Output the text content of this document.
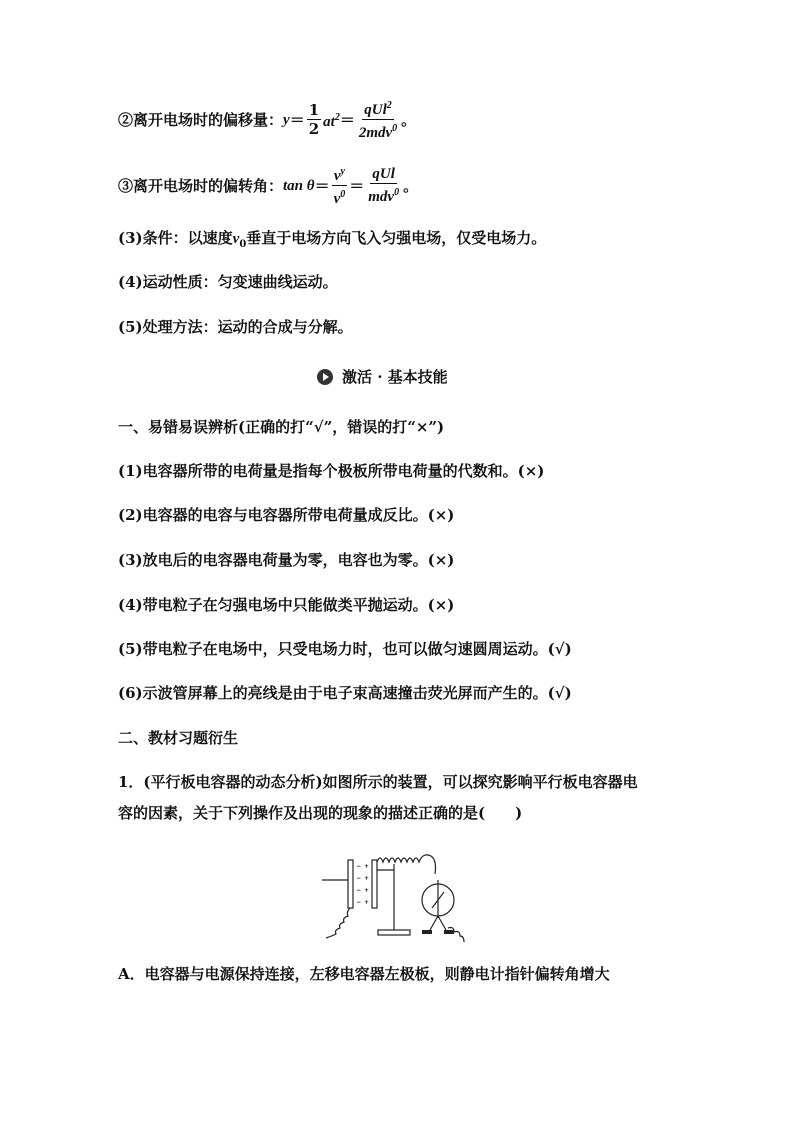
②离开电场时的偏移量： $y = \frac{1}{2} at^2 = \frac{qUl^2}{2mdv^0}$ 。
③离开电场时的偏转角： $\tan \theta = \frac{v^y}{v^0} = \frac{\text{qUl}}{mdv^0}$ 。
(3)条件：以速度$v_0$垂直于电场方向飞入匀强电场，仅受电场力。
(4)运动性质：匀变速曲线运动。
(5)处理方法：运动的合成与分解。
激活 · 基本技能
一、易错易误辨析(正确的打“√”，错误的打“×”)
(1)电容器所带的电荷量是指每个极板所带电荷量的代数和。(×)
(2)电容器的电容与电容器所带电荷量成反比。(×)
(3)放电后的电容器电荷量为零，电容也为零。(×)
(4)带电粒子在匀强电场中只能做类平抛运动。(×)
(5)带电粒子在电场中，只受电场力时，也可以做匀速圆周运动。(√)
(6)示波管屏幕上的亮线是由于电子束高速撞击荧光屏而产生的。(√)
二、教材习题衍生
1．(平行板电容器的动态分析)如图所示的装置，可以探究影响平行板电容器电
容的因素，关于下列操作及出现的现象的描述正确的是(　　)
− +
− +
− +
− +
A．电容器与电源保持连接，左移电容器左极板，则静电计指针偏转角增大
